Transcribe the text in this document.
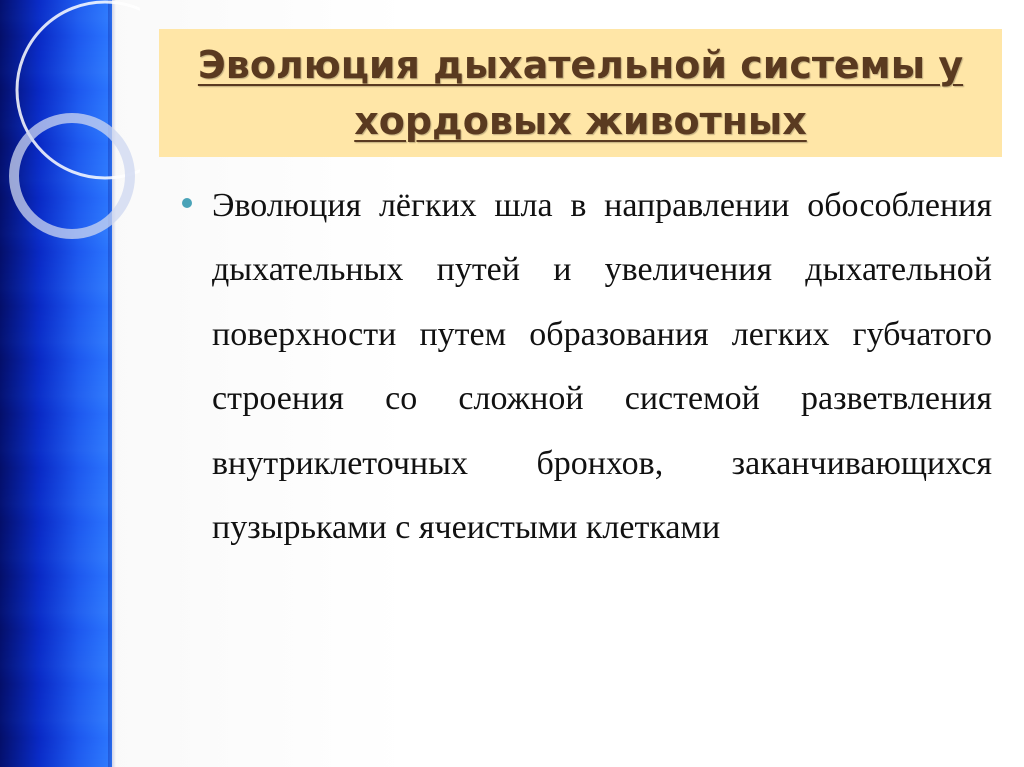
Эволюция дыхательной системы у хордовых животных

Эволюция лёгких шла в направлении обособления дыхательных путей и увеличения дыхательной поверхности путем образования легких губчатого строения со сложной системой разветвления внутриклеточных бронхов, заканчивающихся пузырьками с ячеистыми клетками
